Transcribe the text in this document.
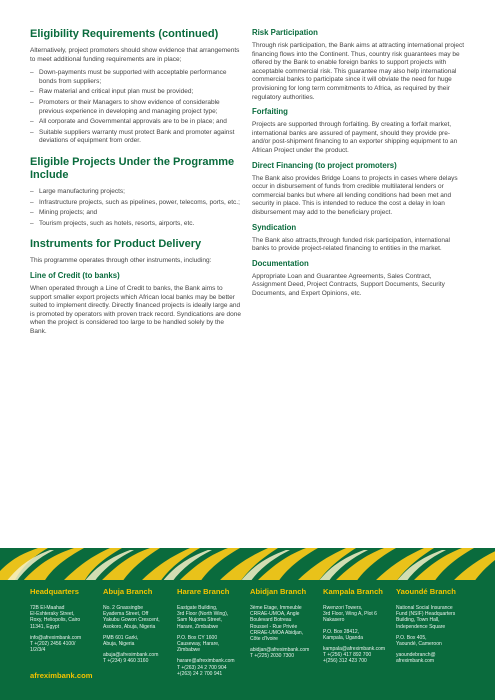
Eligibility Requirements (continued)

Alternatively, project promoters should show evidence that arrangements to meet additional funding requirements are in place;

– Down-payments must be supported with acceptable performance bonds from suppliers;
– Raw material and critical input plan must be provided;
– Promoters or their Managers to show evidence of considerable previous experience in developing and managing project type;
– All corporate and Governmental approvals are to be in place; and
– Suitable suppliers warranty must protect Bank and promoter against deviations of equipment from order.
Eligible Projects Under the Programme Include
– Large manufacturing projects;
– Infrastructure projects, such as pipelines, power, telecoms, ports, etc.;
– Mining projects; and
– Tourism projects, such as hotels, resorts, airports, etc.
Instruments for Product Delivery

This programme operates through other instruments, including:

Line of Credit (to banks)

When operated through a Line of Credit to banks, the Bank aims to support smaller export projects which African local banks may be better suited to implement directly. Directly financed projects is ideally large and is promoted by operators with proven track record. Syndications are done when the project is considered too large to be handled solely by the Bank.

Risk Participation

Through risk participation, the Bank aims at attracting international project financing flows into the Continent. Thus, country risk guarantees may be offered by the Bank to enable foreign banks to support projects with acceptable commercial risk. This guarantee may also help international commercial banks to participate since it will obviate the need for huge provisioning for long term commitments to Africa, as required by their regulatory authorities.

Forfaiting

Projects are supported through forfaiting. By creating a forfait market, international banks are assured of payment, should they provide pre- and/or post-shipment financing to an exporter shipping equipment to an African Project under the product.

Direct Financing (to project promoters)

The Bank also provides Bridge Loans to projects in cases where delays occur in disbursement of funds from credible multilateral lenders or commercial banks but where all lending conditions had been met and security in place. This is intended to reduce the cost a delay in loan disbursement may add to the beneficiary project.

Syndication

The Bank also attracts,through funded risk participation, international banks to provide project-related financing to entities in the market.

Documentation

Appropriate Loan and Guarantee Agreements, Sales Contract, Assignment Deed, Project Contracts, Support Documents, Security Documents, and Expert Opinions, etc.

Headquarters
72B El-Maahad
El-Eshteraky Street,
Roxy, Heliopolis, Cairo
11341, Egypt
info@afreximbank.com
T +(202) 2456 4100/
1/2/3/4
Abuja Branch
No. 2 Gnassingbe
Eyadema Street, Off
Yakubu Gowon Crescent,
Asokoro, Abuja, Nigeria
PMB 601 Garki,
Abuja, Nigeria
abuja@afreximbank.com
T +(234) 9 460 3160
Harare Branch
Eastgate Building,
3rd Floor (North Wing),
Sam Nujoma Street,
Harare, Zimbabwe
P.O. Box CY 1600
Causeway, Harare,
Zimbabwe
harare@afreximbank.com
T +(263) 24 2 700 904
+(263) 24 2 700 941
Abidjan Branch
3ème Etage, Immeuble
CRRAE-UMOA, Angle
Boulevard Botreau
Roussel - Rue Privée
CRRAE-UMOA Abidjan,
Côte d'Ivoire
abidjan@afreximbank.com
T +(225) 2030 7300
Kampala Branch
Rwenzori Towers,
3rd Floor, Wing A, Plot 6
Nakasero
P.O. Box 28412,
Kampala, Uganda
kampala@afreximbank.com
T +(256) 417 892 700
+(256) 312 423 700
Yaoundé Branch
National Social Insurance
Fund (NSIF) Headquarters
Building, Town Hall,
Independence Square
P.O. Box 405,
Yaoundé, Cameroon
yaoundebranch@
afreximbank.com
afreximbank.com
